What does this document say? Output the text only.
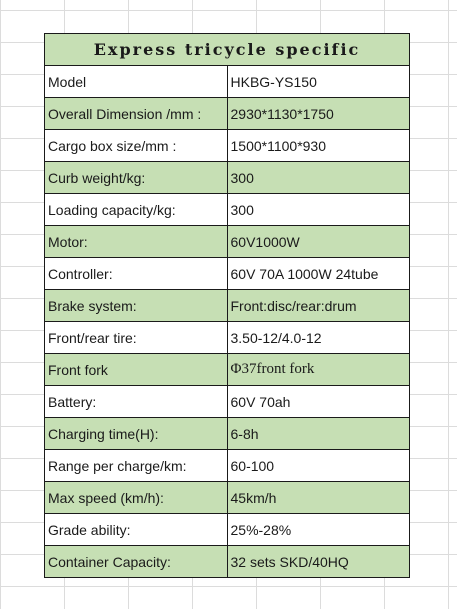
Express tricycle specific	
Model	HKBG-YS150
Overall Dimension /mm :	2930*1130*1750
Cargo box size/mm :	1500*1100*930
Curb weight/kg:	300
Loading capacity/kg:	300
Motor:	60V1000W
Controller:	60V 70A 1000W 24tube
Brake system:	Front:disc/rear:drum
Front/rear tire:	3.50-12/4.0-12
Front fork	Φ37front fork
Battery:	60V 70ah
Charging time(H):	6-8h
Range per charge/km:	60-100
Max speed (km/h):	45km/h
Grade ability:	25%-28%
Container Capacity:	32 sets SKD/40HQ
